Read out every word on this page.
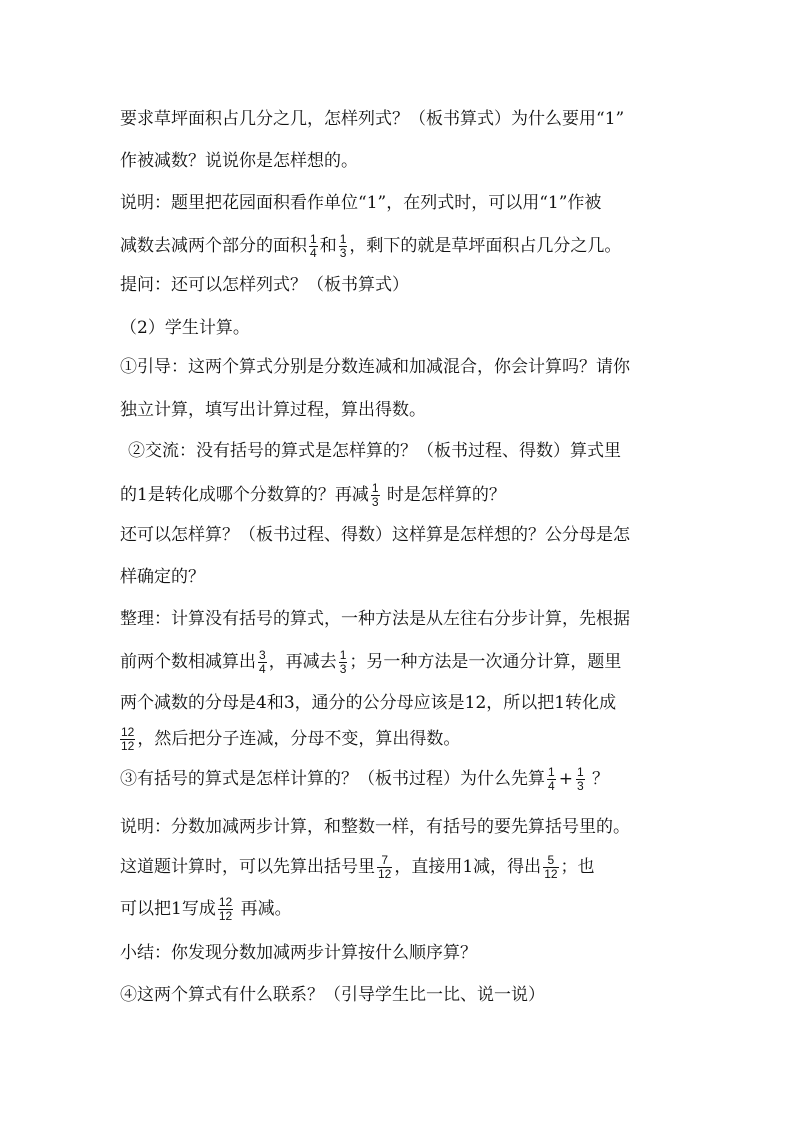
要求草坪面积占几分之几，怎样列式？（板书算式）为什么要用“1”
作被减数？说说你是怎样想的。
说明：题里把花园面积看作单位“1”，在列式时，可以用“1”作被
减数去减两个部分的面积 $\frac{1}{4}$ 和 $\frac{1}{3}$ ，剩下的就是草坪面积占几分之几。
提问：还可以怎样列式？（板书算式）
（2）学生计算。
①引导：这两个算式分别是分数连减和加减混合，你会计算吗？请你
独立计算，填写出计算过程，算出得数。
②交流：没有括号的算式是怎样算的？（板书过程、得数）算式里
的1是转化成哪个分数算的？再减 $\frac{1}{3}$ 时是怎样算的？
还可以怎样算？（板书过程、得数）这样算是怎样想的？公分母是怎
样确定的？
整理：计算没有括号的算式，一种方法是从左往右分步计算，先根据
前两个数相减算出 $\frac{3}{4}$ ，再减去 $\frac{1}{3}$ ；另一种方法是一次通分计算，题里
两个减数的分母是4和3，通分的公分母应该是12，所以把1转化成
$\frac{12}{12}$ ，然后把分子连减，分母不变，算出得数。
③有括号的算式是怎样计算的？（板书过程）为什么先算 $\frac{1}{4} + \frac{1}{3}$ ？
说明：分数加减两步计算，和整数一样，有括号的要先算括号里的。
这道题计算时，可以先算出括号里 $\frac{7}{12}$ ，直接用1减，得出 $\frac{5}{12}$ ；也
可以把1写成 $\frac{12}{12}$ 再减。
小结：你发现分数加减两步计算按什么顺序算？
④这两个算式有什么联系？（引导学生比一比、说一说）
